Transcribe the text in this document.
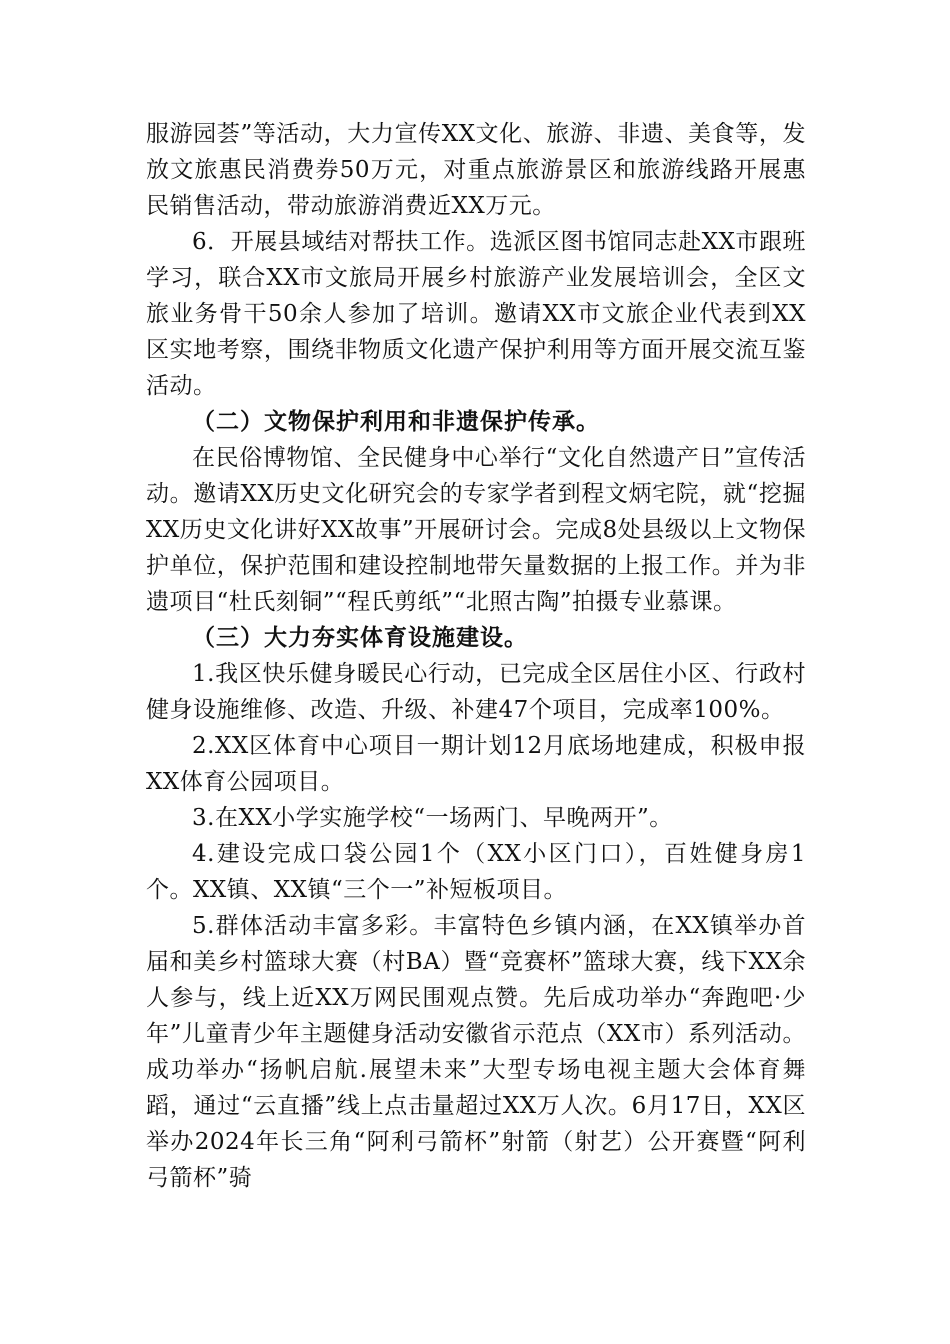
服游园荟”等活动，大力宣传XX文化、旅游、非遗、美食等，发放文旅惠民消费券50万元，对重点旅游景区和旅游线路开展惠民销售活动，带动旅游消费近XX万元。

6．开展县域结对帮扶工作。选派区图书馆同志赴XX市跟班学习，联合XX市文旅局开展乡村旅游产业发展培训会，全区文旅业务骨干50余人参加了培训。邀请XX市文旅企业代表到XX区实地考察，围绕非物质文化遗产保护利用等方面开展交流互鉴活动。

（二）文物保护利用和非遗保护传承。

在民俗博物馆、全民健身中心举行“文化自然遗产日”宣传活动。邀请XX历史文化研究会的专家学者到程文炳宅院，就“挖掘XX历史文化讲好XX故事”开展研讨会。完成8处县级以上文物保护单位，保护范围和建设控制地带矢量数据的上报工作。并为非遗项目“杜氏刻铜”“程氏剪纸”“北照古陶”拍摄专业慕课。

（三）大力夯实体育设施建设。

1.我区快乐健身暖民心行动，已完成全区居住小区、行政村健身设施维修、改造、升级、补建47个项目，完成率100%。

2.XX区体育中心项目一期计划12月底场地建成，积极申报XX体育公园项目。

3.在XX小学实施学校“一场两门、早晚两开”。

4.建设完成口袋公园1个（XX小区门口），百姓健身房1个。XX镇、XX镇“三个一”补短板项目。

5.群体活动丰富多彩。丰富特色乡镇内涵，在XX镇举办首届和美乡村篮球大赛（村BA）暨“竞赛杯”篮球大赛，线下XX余人参与，线上近XX万网民围观点赞。先后成功举办“奔跑吧·少年”儿童青少年主题健身活动安徽省示范点（XX市）系列活动。成功举办“扬帆启航.展望未来”大型专场电视主题大会体育舞蹈，通过“云直播”线上点击量超过XX万人次。6月17日，XX区举办2024年长三角“阿利弓箭杯”射箭（射艺）公开赛暨“阿利弓箭杯”骑
